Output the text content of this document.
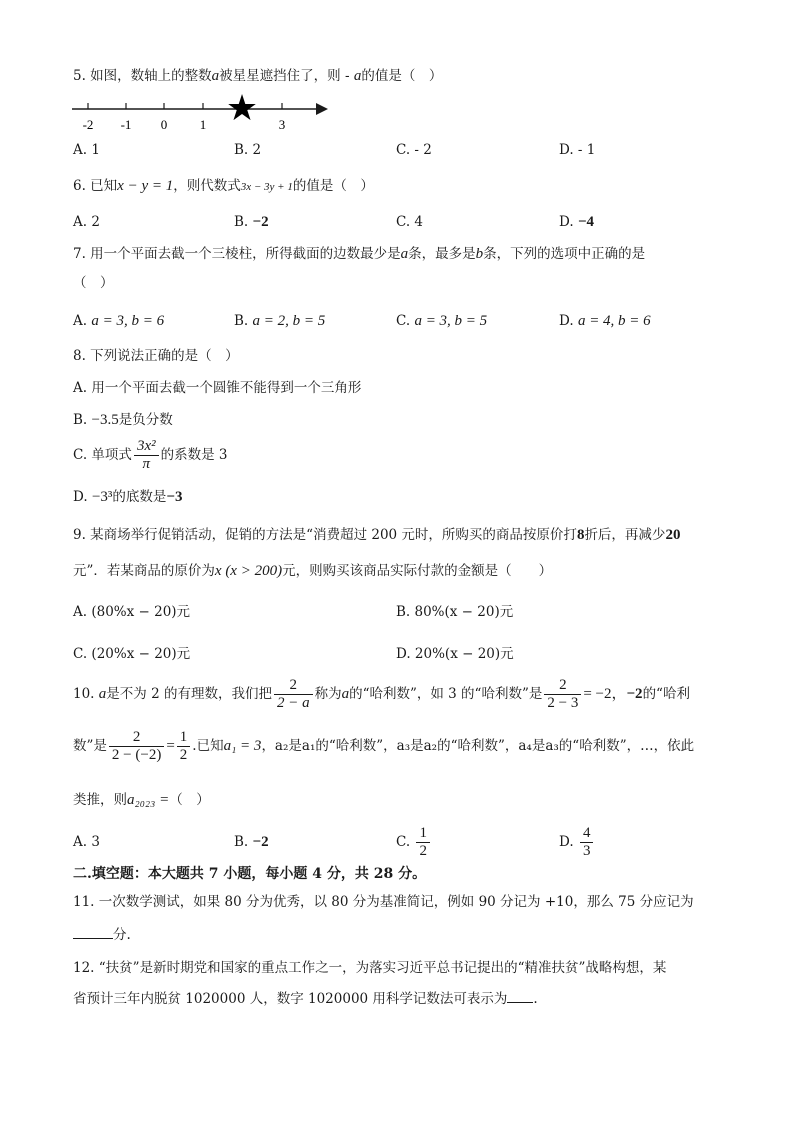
5. 如图，数轴上的整数a被星星遮挡住了，则 - a的值是（　）
-2 -1 0	1	3
★
A. 1	B. 2	C. - 2	D. - 1
6. 已知x − y = 1，则代数式3x − 3y + 1的值是（　）
A. 2	B. −2	C. 4	D. −4
7. 用一个平面去截一个三棱柱，所得截面的边数最少是a条，最多是b条，下列的选项中正确的是
（　）
A. a = 3, b = 6	B. a = 2, b = 5	C. a = 3, b = 5	D. a = 4, b = 6
8. 下列说法正确的是（　）
A. 用一个平面去截一个圆锥不能得到一个三角形
B. −3.5是负分数
C. 单项式 $\frac{\text{3x²}}{\pi}$ 的系数是 3
D. −3³的底数是−3
9. 某商场举行促销活动，促销的方法是“消费超过 200 元时，所购买的商品按原价打8折后，再减少20
元”．若某商品的原价为x (x > 200)元，则购买该商品实际付款的金额是（　　）
A. (80%x − 20)元	B. 80%(x − 20)元
C. (20%x − 20)元	D. 20%(x − 20)元
10. a是不为 2 的有理数，我们把 $\frac{2}{2 - a}$ 称为a的“哈利数”，如 3 的“哈利数”是 $\frac{2}{2 - 3} = -2$，−2的“哈利
数”是 $\frac{2}{2 - (-2)} = \frac{1}{2}$ .已知a₁ = 3，a₂是a₁的“哈利数”，a₃是a₂的“哈利数”，a₄是a₃的“哈利数”，…，依此
类推，则a₂₀₂₃ =（　）
A. 3	B. −2	C. $\frac{1}{2}$	D. $\frac{4}{3}$
二.填空题：本大题共 7 小题，每小题 4 分，共 28 分。
11. 一次数学测试，如果 80 分为优秀，以 80 分为基准简记，例如 90 分记为 +10，那么 75 分应记为
分.
12. “扶贫”是新时期党和国家的重点工作之一，为落实习近平总书记提出的“精准扶贫”战略构想，某
省预计三年内脱贫 1020000 人，数字 1020000 用科学记数法可表示为 .
